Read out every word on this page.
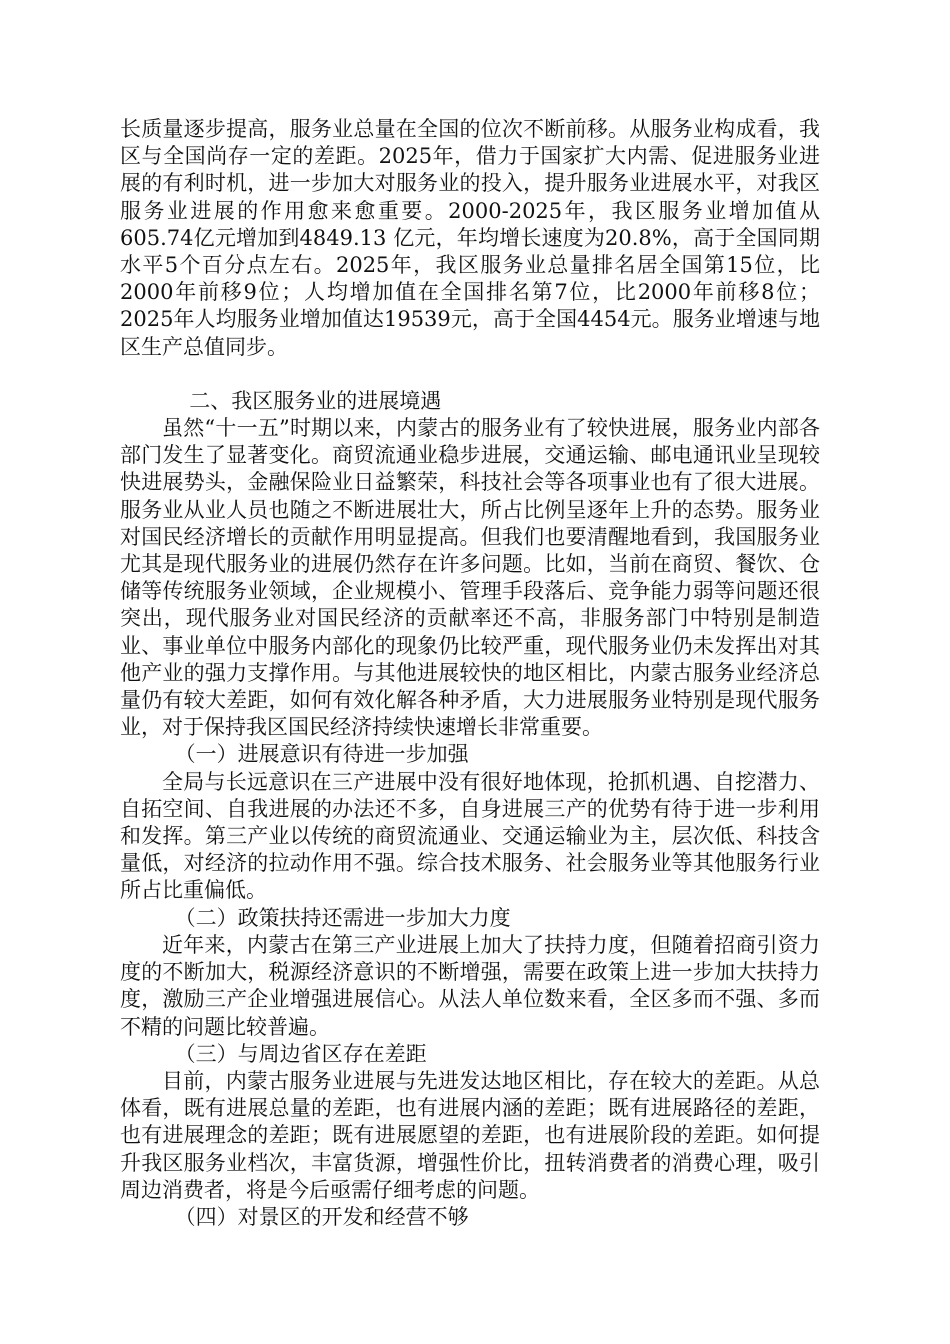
长质量逐步提高，服务业总量在全国的位次不断前移。从服务业构成看，我区与全国尚存一定的差距。2025年，借力于国家扩大内需、促进服务业进展的有利时机，进一步加大对服务业的投入，提升服务业进展水平，对我区服务业进展的作用愈来愈重要。2000-2025年，我区服务业增加值从605.74亿元增加到4849.13 亿元，年均增长速度为20.8%，高于全国同期水平5个百分点左右。2025年，我区服务业总量排名居全国第15位，比2000年前移9位；人均增加值在全国排名第7位，比2000年前移8位；2025年人均服务业增加值达19539元，高于全国4454元。服务业增速与地区生产总值同步。

二、我区服务业的进展境遇

虽然“十一五”时期以来，内蒙古的服务业有了较快进展，服务业内部各部门发生了显著变化。商贸流通业稳步进展，交通运输、邮电通讯业呈现较快进展势头，金融保险业日益繁荣，科技社会等各项事业也有了很大进展。服务业从业人员也随之不断进展壮大，所占比例呈逐年上升的态势。服务业对国民经济增长的贡献作用明显提高。但我们也要清醒地看到，我国服务业尤其是现代服务业的进展仍然存在许多问题。比如，当前在商贸、餐饮、仓储等传统服务业领域，企业规模小、管理手段落后、竞争能力弱等问题还很突出，现代服务业对国民经济的贡献率还不高，非服务部门中特别是制造业、事业单位中服务内部化的现象仍比较严重，现代服务业仍未发挥出对其他产业的强力支撑作用。与其他进展较快的地区相比，内蒙古服务业经济总量仍有较大差距，如何有效化解各种矛盾，大力进展服务业特别是现代服务业，对于保持我区国民经济持续快速增长非常重要。

（一）进展意识有待进一步加强

全局与长远意识在三产进展中没有很好地体现，抢抓机遇、自挖潜力、自拓空间、自我进展的办法还不多，自身进展三产的优势有待于进一步利用和发挥。第三产业以传统的商贸流通业、交通运输业为主，层次低、科技含量低，对经济的拉动作用不强。综合技术服务、社会服务业等其他服务行业所占比重偏低。

（二）政策扶持还需进一步加大力度

近年来，内蒙古在第三产业进展上加大了扶持力度，但随着招商引资力度的不断加大，税源经济意识的不断增强，需要在政策上进一步加大扶持力度，激励三产企业增强进展信心。从法人单位数来看，全区多而不强、多而不精的问题比较普遍。

（三）与周边省区存在差距

目前，内蒙古服务业进展与先进发达地区相比，存在较大的差距。从总体看，既有进展总量的差距，也有进展内涵的差距；既有进展路径的差距，也有进展理念的差距；既有进展愿望的差距，也有进展阶段的差距。如何提升我区服务业档次，丰富货源，增强性价比，扭转消费者的消费心理，吸引周边消费者，将是今后亟需仔细考虑的问题。

（四）对景区的开发和经营不够
